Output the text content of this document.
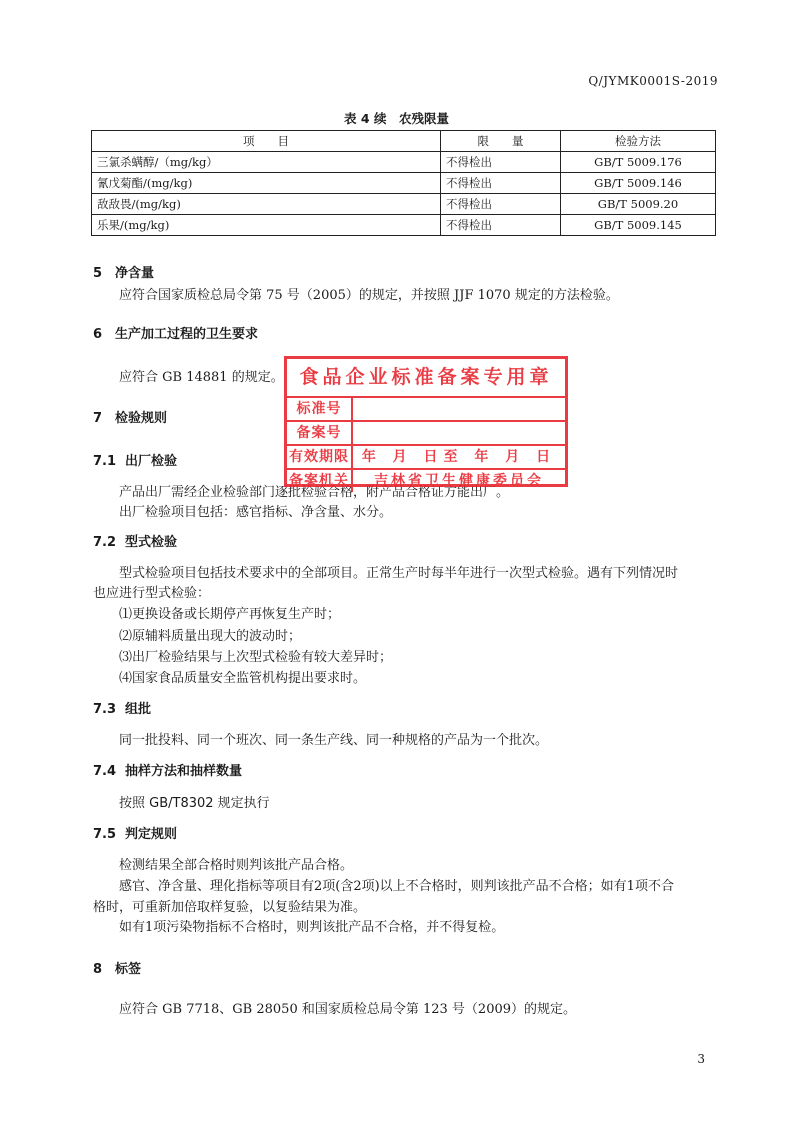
Q/JYMK0001S-2019
表 4 续　农残限量
项　　目	限　　量	检验方法
三氯杀螨醇/（mg/kg）	不得检出	GB/T 5009.176
氰戊菊酯/(mg/kg)	不得检出	GB/T 5009.146
敌敌畏/(mg/kg)	不得检出	GB/T 5009.20
乐果/(mg/kg)	不得检出	GB/T 5009.145
5 净含量
应符合国家质检总局令第 75 号（2005）的规定，并按照 JJF 1070 规定的方法检验。
6 生产加工过程的卫生要求
应符合 GB 14881 的规定。
7 检验规则
7.1 出厂检验
产品出厂需经企业检验部门逐批检验合格，附产品合格证方能出厂。
出厂检验项目包括：感官指标、净含量、水分。
7.2 型式检验
型式检验项目包括技术要求中的全部项目。正常生产时每半年进行一次型式检验。遇有下列情况时
也应进行型式检验：
⑴更换设备或长期停产再恢复生产时；
⑵原辅料质量出现大的波动时；
⑶出厂检验结果与上次型式检验有较大差异时；
⑷国家食品质量安全监管机构提出要求时。
7.3 组批
同一批投料、同一个班次、同一条生产线、同一种规格的产品为一个批次。
7.4 抽样方法和抽样数量
按照 GB/T8302 规定执行
7.5 判定规则
检测结果全部合格时则判该批产品合格。
感官、净含量、理化指标等项目有2项(含2项)以上不合格时，则判该批产品不合格；如有1项不合
格时，可重新加倍取样复验，以复验结果为准。
如有1项污染物指标不合格时，则判该批产品不合格，并不得复检。
8 标签
应符合 GB 7718、GB 28050 和国家质检总局令第 123 号（2009）的规定。
3
食品企业标准备案专用章
标准号
备案号
有效期限 年 月 日至 年 月 日
备案机关	吉林省卫生健康委员会
